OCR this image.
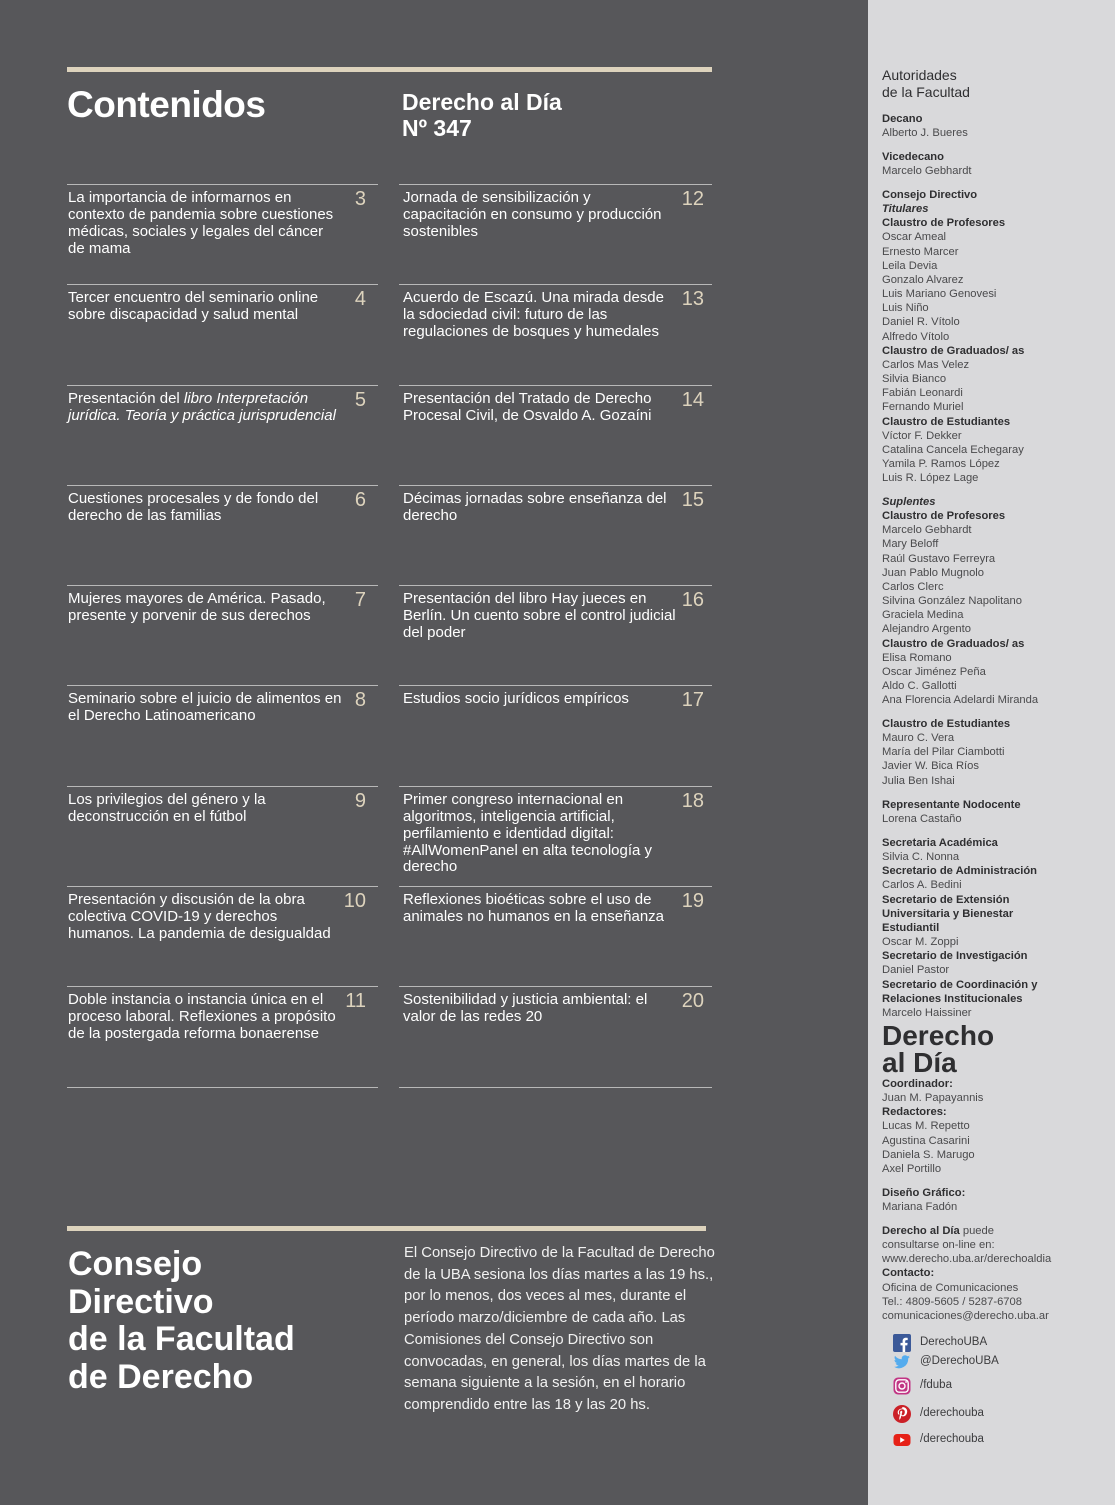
Contenidos	Derecho al Día
Nº 347
La importancia de informarnos en contexto de pandemia sobre cuestiones médicas, sociales y legales del cáncer de mama
3
Tercer encuentro del seminario online sobre discapacidad y salud mental
4
Presentación del libro Interpretación jurídica. Teoría y práctica jurisprudencial
5
Cuestiones procesales y de fondo del derecho de las familias
6
Mujeres mayores de América. Pasado, presente y porvenir de sus derechos
7
Seminario sobre el juicio de alimentos en el Derecho Latinoamericano
8
Los privilegios del género y la deconstrucción en el fútbol
9
Presentación y discusión de la obra colectiva COVID-19 y derechos humanos. La pandemia de desigualdad
10
Doble instancia o instancia única en el proceso laboral. Reflexiones a propósito de la postergada reforma bonaerense
11
Jornada de sensibilización y capacitación en consumo y producción sostenibles
12
Acuerdo de Escazú. Una mirada desde la sdociedad civil: futuro de las regulaciones de bosques y humedales
13
Presentación del Tratado de Derecho Procesal Civil, de Osvaldo A. Gozaíni
14
Décimas jornadas sobre enseñanza del derecho
15
Presentación del libro Hay jueces en Berlín. Un cuento sobre el control judicial del poder
16
Estudios socio jurídicos empíricos	17
Primer congreso internacional en algoritmos, inteligencia artificial, perfilamiento e identidad digital: #AllWomenPanel en alta tecnología y derecho
18
Reflexiones bioéticas sobre el uso de animales no humanos en la enseñanza
19
Sostenibilidad y justicia ambiental: el valor de las redes 20
20
Consejo
Directivo
de la Facultad
de Derecho

El Consejo Directivo de la Facultad de Derecho de la UBA sesiona los días martes a las 19 hs., por lo menos, dos veces al mes, durante el período marzo/diciembre de cada año. Las Comisiones del Consejo Directivo son convocadas, en general, los días martes de la semana siguiente a la sesión, en el horario comprendido entre las 18 y las 20 hs.

Autoridades
de la Facultad
Decano
Alberto J. Bueres
Vicedecano
Marcelo Gebhardt
Consejo Directivo
Titulares
Claustro de Profesores
Oscar Ameal
Ernesto Marcer
Leila Devia
Gonzalo Alvarez
Luis Mariano Genovesi
Luis Niño
Daniel R. Vítolo
Alfredo Vítolo
Claustro de Graduados/ as
Carlos Mas Velez
Silvia Bianco
Fabián Leonardi
Fernando Muriel
Claustro de Estudiantes
Víctor F. Dekker
Catalina Cancela Echegaray
Yamila P. Ramos López
Luis R. López Lage
Suplentes
Claustro de Profesores
Marcelo Gebhardt
Mary Beloff
Raúl Gustavo Ferreyra
Juan Pablo Mugnolo
Carlos Clerc
Silvina González Napolitano
Graciela Medina
Alejandro Argento
Claustro de Graduados/ as
Elisa Romano
Oscar Jiménez Peña
Aldo C. Gallotti
Ana Florencia Adelardi Miranda
Claustro de Estudiantes
Mauro C. Vera
María del Pilar Ciambotti
Javier W. Bica Ríos
Julia Ben Ishai
Representante Nodocente
Lorena Castaño
Secretaria Académica
Silvia C. Nonna
Secretario de Administración
Carlos A. Bedini
Secretario de Extensión
Universitaria y Bienestar
Estudiantil
Oscar M. Zoppi
Secretario de Investigación
Daniel Pastor
Secretario de Coordinación y
Relaciones Institucionales
Marcelo Haissiner
Derecho
al Día
Coordinador:
Juan M. Papayannis
Redactores:
Lucas M. Repetto
Agustina Casarini
Daniela S. Marugo
Axel Portillo
Diseño Gráfico:
Mariana Fadón
Derecho al Día puede
consultarse on-line en:
www.derecho.uba.ar/derechoaldia
Contacto:
Oficina de Comunicaciones
Tel.: 4809-5605 / 5287-6708
comunicaciones@derecho.uba.ar
DerechoUBA
@DerechoUBA
/fduba
/derechouba
/derechouba
